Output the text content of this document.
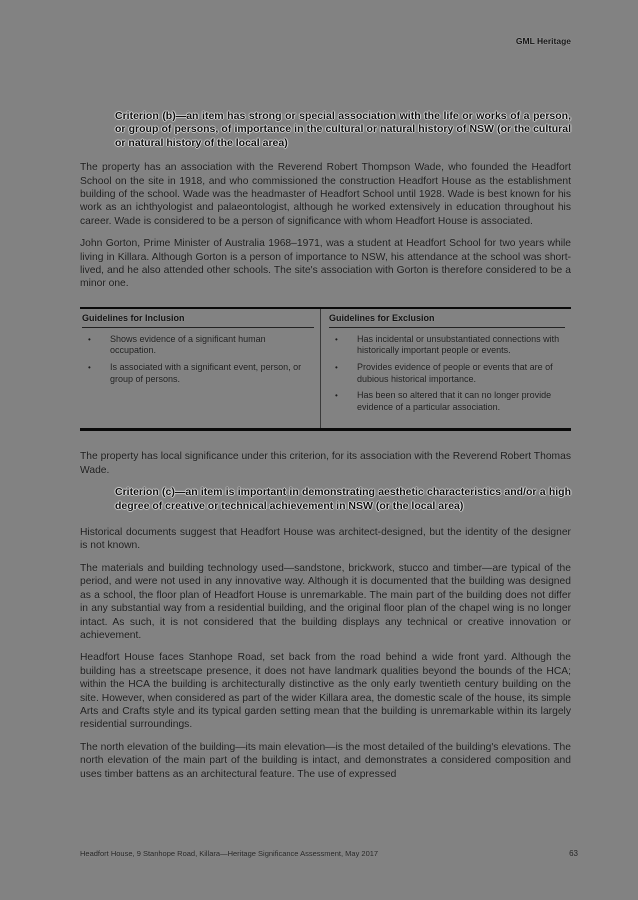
GML Heritage
Criterion (b)—an item has strong or special association with the life or works of a person, or group of persons, of importance in the cultural or natural history of NSW (or the cultural or natural history of the local area)

The property has an association with the Reverend Robert Thompson Wade, who founded the Headfort School on the site in 1918, and who commissioned the construction Headfort House as the establishment building of the school. Wade was the headmaster of Headfort School until 1928. Wade is best known for his work as an ichthyologist and palaeontologist, although he worked extensively in education throughout his career. Wade is considered to be a person of significance with whom Headfort House is associated.

John Gorton, Prime Minister of Australia 1968–1971, was a student at Headfort School for two years while living in Killara. Although Gorton is a person of importance to NSW, his attendance at the school was short-lived, and he also attended other schools. The site's association with Gorton is therefore considered to be a minor one.

Guidelines for Inclusion
•	Shows evidence of a significant human occupation.
•	Is associated with a significant event, person, or group of persons.
Guidelines for Exclusion
•	Has incidental or unsubstantiated connections with historically important people or events.
•	Provides evidence of people or events that are of dubious historical importance.
•	Has been so altered that it can no longer provide evidence of a particular association.

The property has local significance under this criterion, for its association with the Reverend Robert Thomas Wade.

Criterion (c)—an item is important in demonstrating aesthetic characteristics and/or a high degree of creative or technical achievement in NSW (or the local area)

Historical documents suggest that Headfort House was architect-designed, but the identity of the designer is not known.

The materials and building technology used—sandstone, brickwork, stucco and timber—are typical of the period, and were not used in any innovative way. Although it is documented that the building was designed as a school, the floor plan of Headfort House is unremarkable. The main part of the building does not differ in any substantial way from a residential building, and the original floor plan of the chapel wing is no longer intact. As such, it is not considered that the building displays any technical or creative innovation or achievement.

Headfort House faces Stanhope Road, set back from the road behind a wide front yard. Although the building has a streetscape presence, it does not have landmark qualities beyond the bounds of the HCA; within the HCA the building is architecturally distinctive as the only early twentieth century building on the site. However, when considered as part of the wider Killara area, the domestic scale of the house, its simple Arts and Crafts style and its typical garden setting mean that the building is unremarkable within its largely residential surroundings.

The north elevation of the building—its main elevation—is the most detailed of the building's elevations. The north elevation of the main part of the building is intact, and demonstrates a considered composition and uses timber battens as an architectural feature. The use of expressed

Headfort House, 9 Stanhope Road, Killara—Heritage Significance Assessment, May 2017	63
